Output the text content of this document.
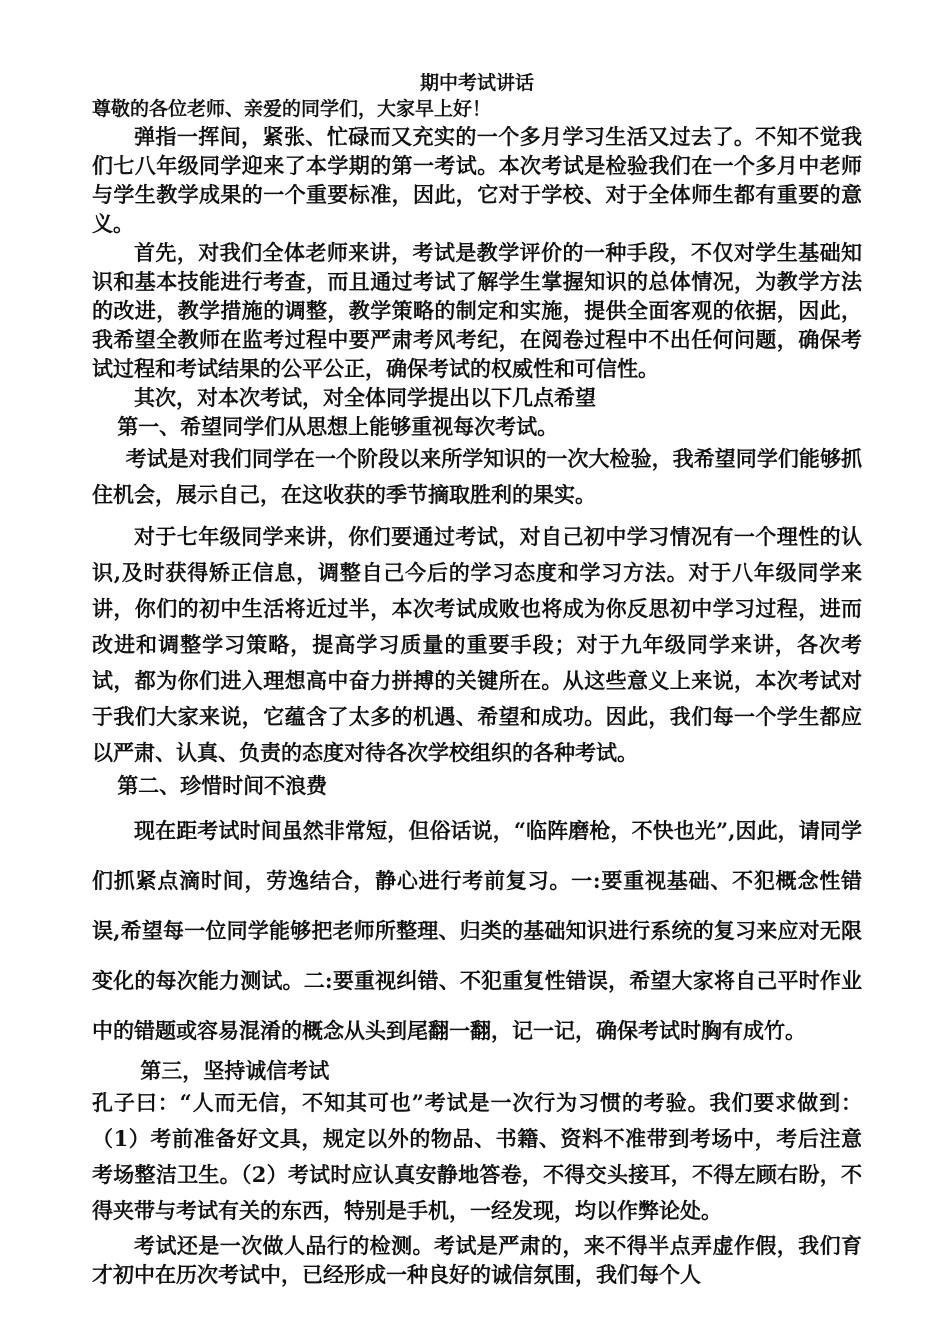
期中考试讲话

尊敬的各位老师、亲爱的同学们，大家早上好！

弹指一挥间，紧张、忙碌而又充实的一个多月学习生活又过去了。不知不觉我们七八年级同学迎来了本学期的第一考试。本次考试是检验我们在一个多月中老师与学生教学成果的一个重要标准，因此，它对于学校、对于全体师生都有重要的意义。

首先，对我们全体老师来讲，考试是教学评价的一种手段，不仅对学生基础知识和基本技能进行考查，而且通过考试了解学生掌握知识的总体情况，为教学方法的改进，教学措施的调整，教学策略的制定和实施，提供全面客观的依据，因此，我希望全教师在监考过程中要严肃考风考纪，在阅卷过程中不出任何问题，确保考试过程和考试结果的公平公正，确保考试的权威性和可信性。

其次，对本次考试，对全体同学提出以下几点希望

第一、希望同学们从思想上能够重视每次考试。

考试是对我们同学在一个阶段以来所学知识的一次大检验，我希望同学们能够抓住机会，展示自己，在这收获的季节摘取胜利的果实。

对于七年级同学来讲，你们要通过考试，对自己初中学习情况有一个理性的认识,及时获得矫正信息，调整自己今后的学习态度和学习方法。对于八年级同学来讲，你们的初中生活将近过半，本次考试成败也将成为你反思初中学习过程，进而改进和调整学习策略，提高学习质量的重要手段；对于九年级同学来讲，各次考试，都为你们进入理想高中奋力拼搏的关键所在。从这些意义上来说，本次考试对于我们大家来说，它蕴含了太多的机遇、希望和成功。因此，我们每一个学生都应以严肃、认真、负责的态度对待各次学校组织的各种考试。

第二、珍惜时间不浪费

现在距考试时间虽然非常短，但俗话说，“临阵磨枪，不快也光”,因此，请同学们抓紧点滴时间，劳逸结合，静心进行考前复习。一:要重视基础、不犯概念性错误,希望每一位同学能够把老师所整理、归类的基础知识进行系统的复习来应对无限变化的每次能力测试。二:要重视纠错、不犯重复性错误，希望大家将自己平时作业中的错题或容易混淆的概念从头到尾翻一翻，记一记，确保考试时胸有成竹。

第三，坚持诚信考试

孔子曰：“人而无信，不知其可也”考试是一次行为习惯的考验。我们要求做到：（1）考前准备好文具，规定以外的物品、书籍、资料不准带到考场中，考后注意考场整洁卫生。（2）考试时应认真安静地答卷，不得交头接耳，不得左顾右盼，不得夹带与考试有关的东西，特别是手机，一经发现，均以作弊论处。

考试还是一次做人品行的检测。考试是严肃的，来不得半点弄虚作假，我们育才初中在历次考试中，已经形成一种良好的诚信氛围，我们每个人
